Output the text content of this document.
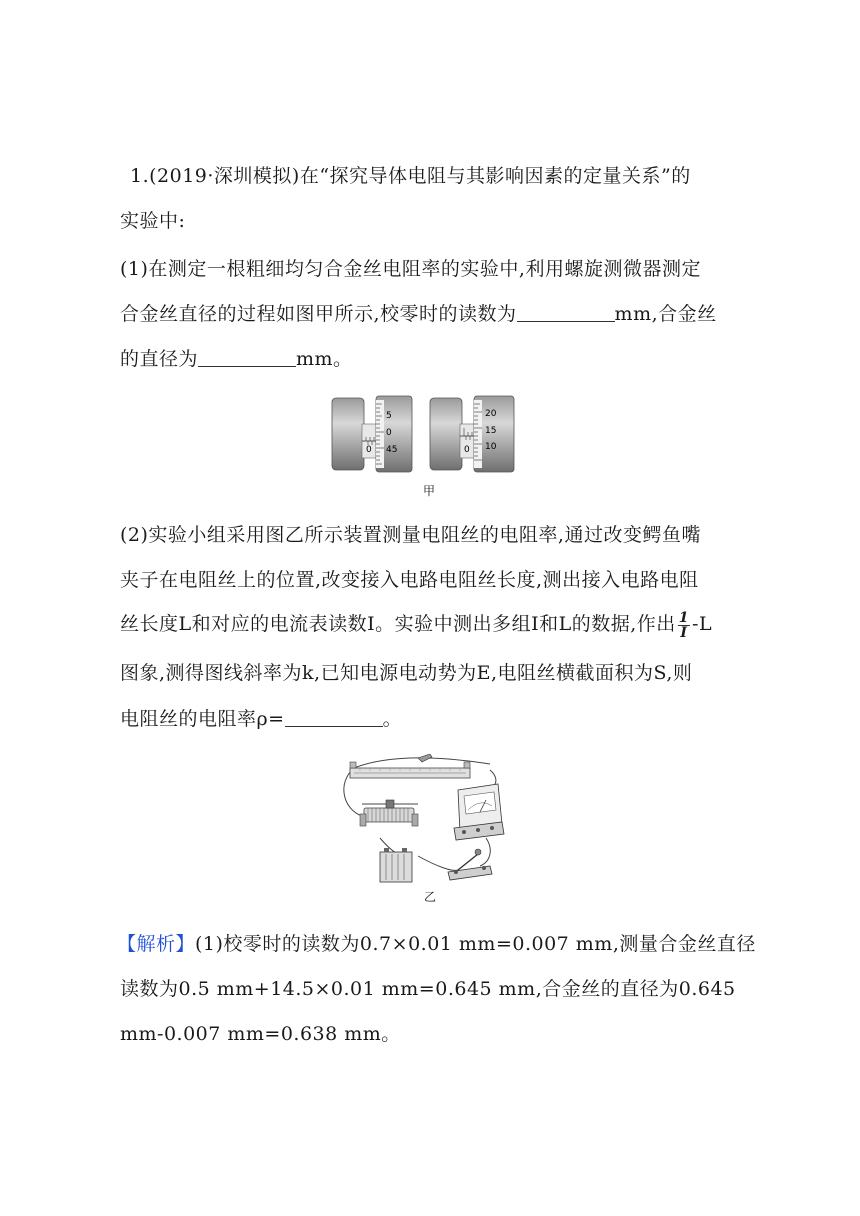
1.(2019·深圳模拟)在“探究导体电阻与其影响因素的定量关系”的
实验中:
(1)在测定一根粗细均匀合金丝电阻率的实验中,利用螺旋测微器测定
合金丝直径的过程如图甲所示,校零时的读数为	mm,合金丝
的直径为	mm。
5
0
45
0
20
15
10
0
甲
(2)实验小组采用图乙所示装置测量电阻丝的电阻率,通过改变鳄鱼嘴
夹子在电阻丝上的位置,改变接入电路电阻丝长度,测出接入电路电阻
丝长度L和对应的电流表读数I。实验中测出多组I和L的数据,作出 $\frac{1}{I} -L$
图象,测得图线斜率为k,已知电源电动势为E,电阻丝横截面积为S,则
电阻丝的电阻率ρ=	。
乙
【解析】(1)校零时的读数为0.7×0.01 mm=0.007 mm,测量合金丝直径
读数为0.5 mm+14.5×0.01 mm=0.645 mm,合金丝的直径为0.645
mm-0.007 mm=0.638 mm。
